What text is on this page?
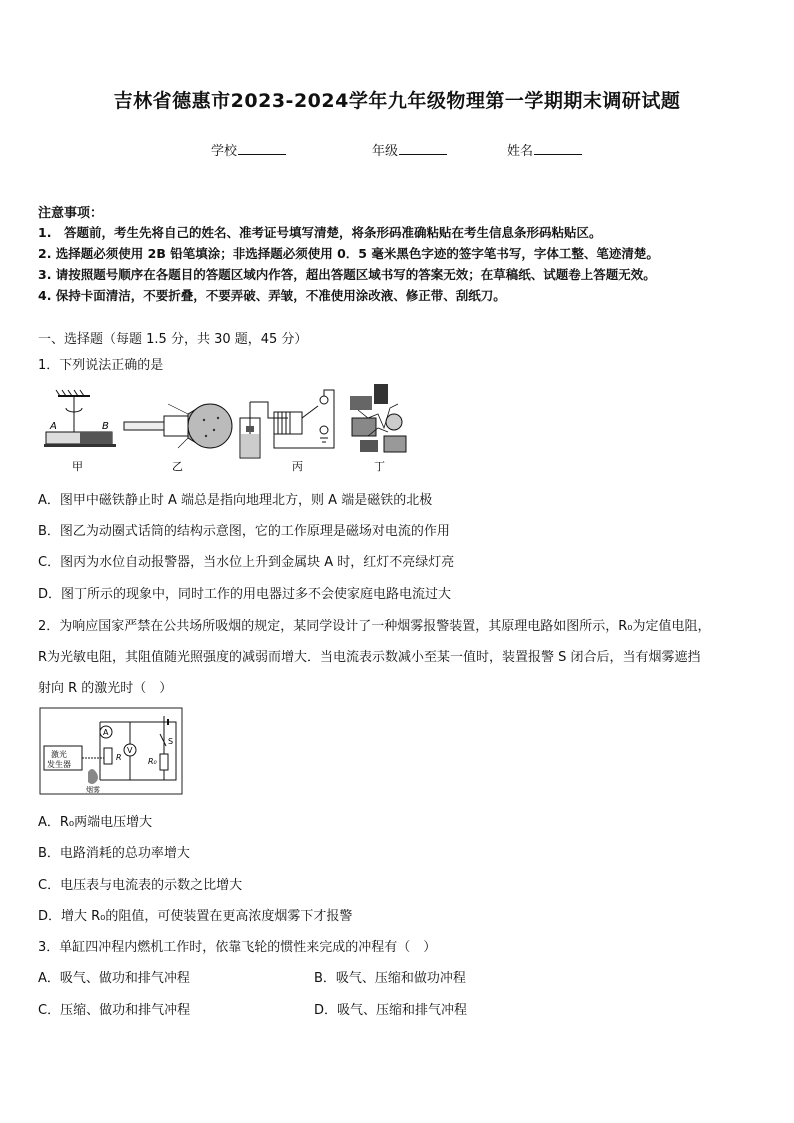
吉林省德惠市2023-2024学年九年级物理第一学期期末调研试题
学校	年级	姓名
注意事项：
1.　答题前，考生先将自己的姓名、准考证号填写清楚，将条形码准确粘贴在考生信息条形码粘贴区。
2. 选择题必须使用 2B 铅笔填涂；非选择题必须使用 0．5 毫米黑色字迹的签字笔书写，字体工整、笔迹清楚。
3. 请按照题号顺序在各题目的答题区域内作答，超出答题区域书写的答案无效；在草稿纸、试题卷上答题无效。
4. 保持卡面清洁，不要折叠，不要弄破、弄皱，不准使用涂改液、修正带、刮纸刀。
一、选择题（每题 1.5 分，共 30 题，45 分）
1．下列说法正确的是
A	B
甲	乙	丙	丁
A．图甲中磁铁静止时 A 端总是指向地理北方，则 A 端是磁铁的北极
B．图乙为动圈式话筒的结构示意图，它的工作原理是磁场对电流的作用
C．图丙为水位自动报警器，当水位上升到金属块 A 时，红灯不亮绿灯亮
D．图丁所示的现象中，同时工作的用电器过多不会使家庭电路电流过大
2．为响应国家严禁在公共场所吸烟的规定，某同学设计了一种烟雾报警装置，其原理电路如图所示，R₀为定值电阻，
R为光敏电阻，其阻值随光照强度的减弱而增大．当电流表示数减小至某一值时，装置报警 S 闭合后，当有烟雾遮挡
射向 R 的激光时（　）
S
R₀
A
V
R
激光
发生器
烟雾
A．R₀两端电压增大
B．电路消耗的总功率增大
C．电压表与电流表的示数之比增大
D．增大 R₀的阻值，可使装置在更高浓度烟雾下才报警
3．单缸四冲程内燃机工作时，依靠飞轮的惯性来完成的冲程有（　）
A．吸气、做功和排气冲程	B．吸气、压缩和做功冲程
C．压缩、做功和排气冲程	D．吸气、压缩和排气冲程
